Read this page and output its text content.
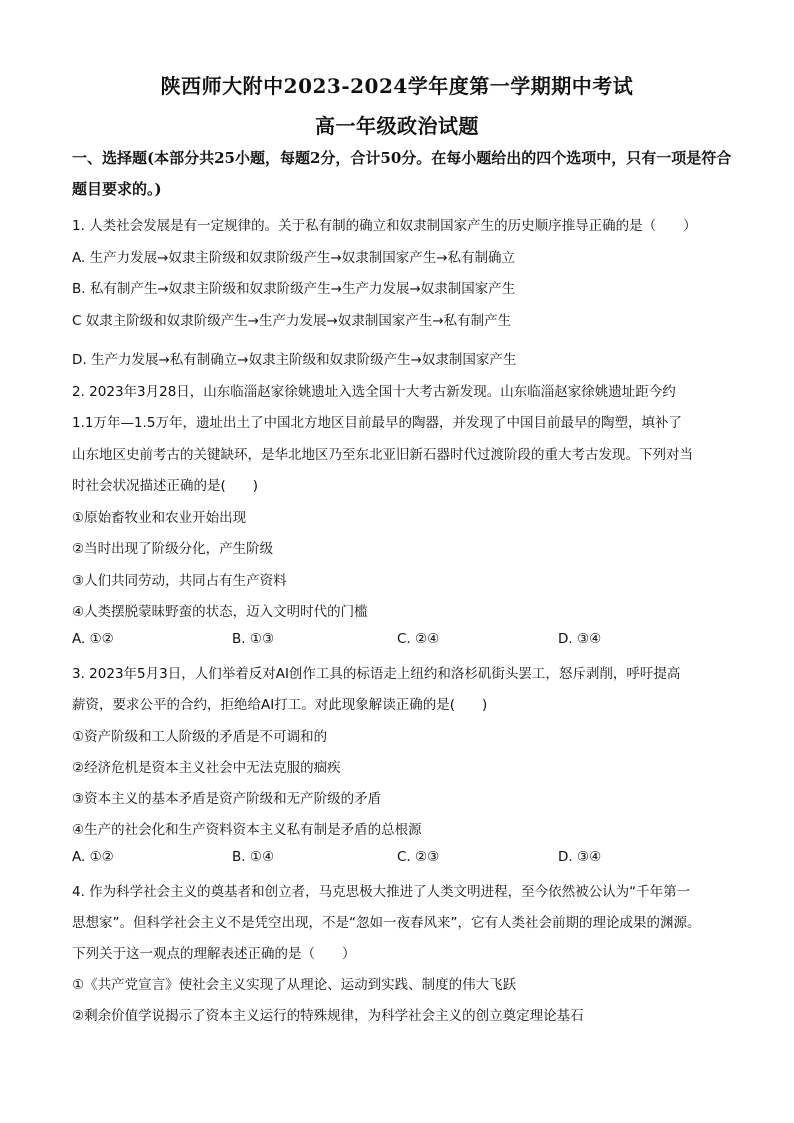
陕西师大附中2023-2024学年度第一学期期中考试
高一年级政治试题
一、选择题(本部分共25小题，每题2分，合计50分。在每小题给出的四个选项中，只有一项是符合题目要求的。)
1. 人类社会发展是有一定规律的。关于私有制的确立和奴隶制国家产生的历史顺序推导正确的是（　　）
A. 生产力发展→奴隶主阶级和奴隶阶级产生→奴隶制国家产生→私有制确立
B. 私有制产生→奴隶主阶级和奴隶阶级产生→生产力发展→奴隶制国家产生
C 奴隶主阶级和奴隶阶级产生→生产力发展→奴隶制国家产生→私有制产生
D. 生产力发展→私有制确立→奴隶主阶级和奴隶阶级产生→奴隶制国家产生
2. 2023年3月28日，山东临淄赵家徐姚遗址入选全国十大考古新发现。山东临淄赵家徐姚遗址距今约
1.1万年—1.5万年，遗址出土了中国北方地区目前最早的陶器，并发现了中国目前最早的陶塑，填补了
山东地区史前考古的关键缺环，是华北地区乃至东北亚旧新石器时代过渡阶段的重大考古发现。下列对当
时社会状况描述正确的是(　　)
①原始畜牧业和农业开始出现
②当时出现了阶级分化，产生阶级
③人们共同劳动，共同占有生产资料
④人类摆脱蒙昧野蛮的状态，迈入文明时代的门槛
A. ①②	B. ①③	C. ②④	D. ③④
3. 2023年5月3日，人们举着反对AI创作工具的标语走上纽约和洛杉矶街头罢工，怒斥剥削，呼吁提高
薪资，要求公平的合约，拒绝给AI打工。对此现象解读正确的是(　　)
①资产阶级和工人阶级的矛盾是不可调和的
②经济危机是资本主义社会中无法克服的痼疾
③资本主义的基本矛盾是资产阶级和无产阶级的矛盾
④生产的社会化和生产资料资本主义私有制是矛盾的总根源
A. ①②	B. ①④	C. ②③	D. ③④
4. 作为科学社会主义的奠基者和创立者，马克思极大推进了人类文明进程，至今依然被公认为“千年第一
思想家”。但科学社会主义不是凭空出现，不是“忽如一夜春风来”，它有人类社会前期的理论成果的渊源。
下列关于这一观点的理解表述正确的是（　　）
①《共产党宣言》使社会主义实现了从理论、运动到实践、制度的伟大飞跃
②剩余价值学说揭示了资本主义运行的特殊规律，为科学社会主义的创立奠定理论基石
